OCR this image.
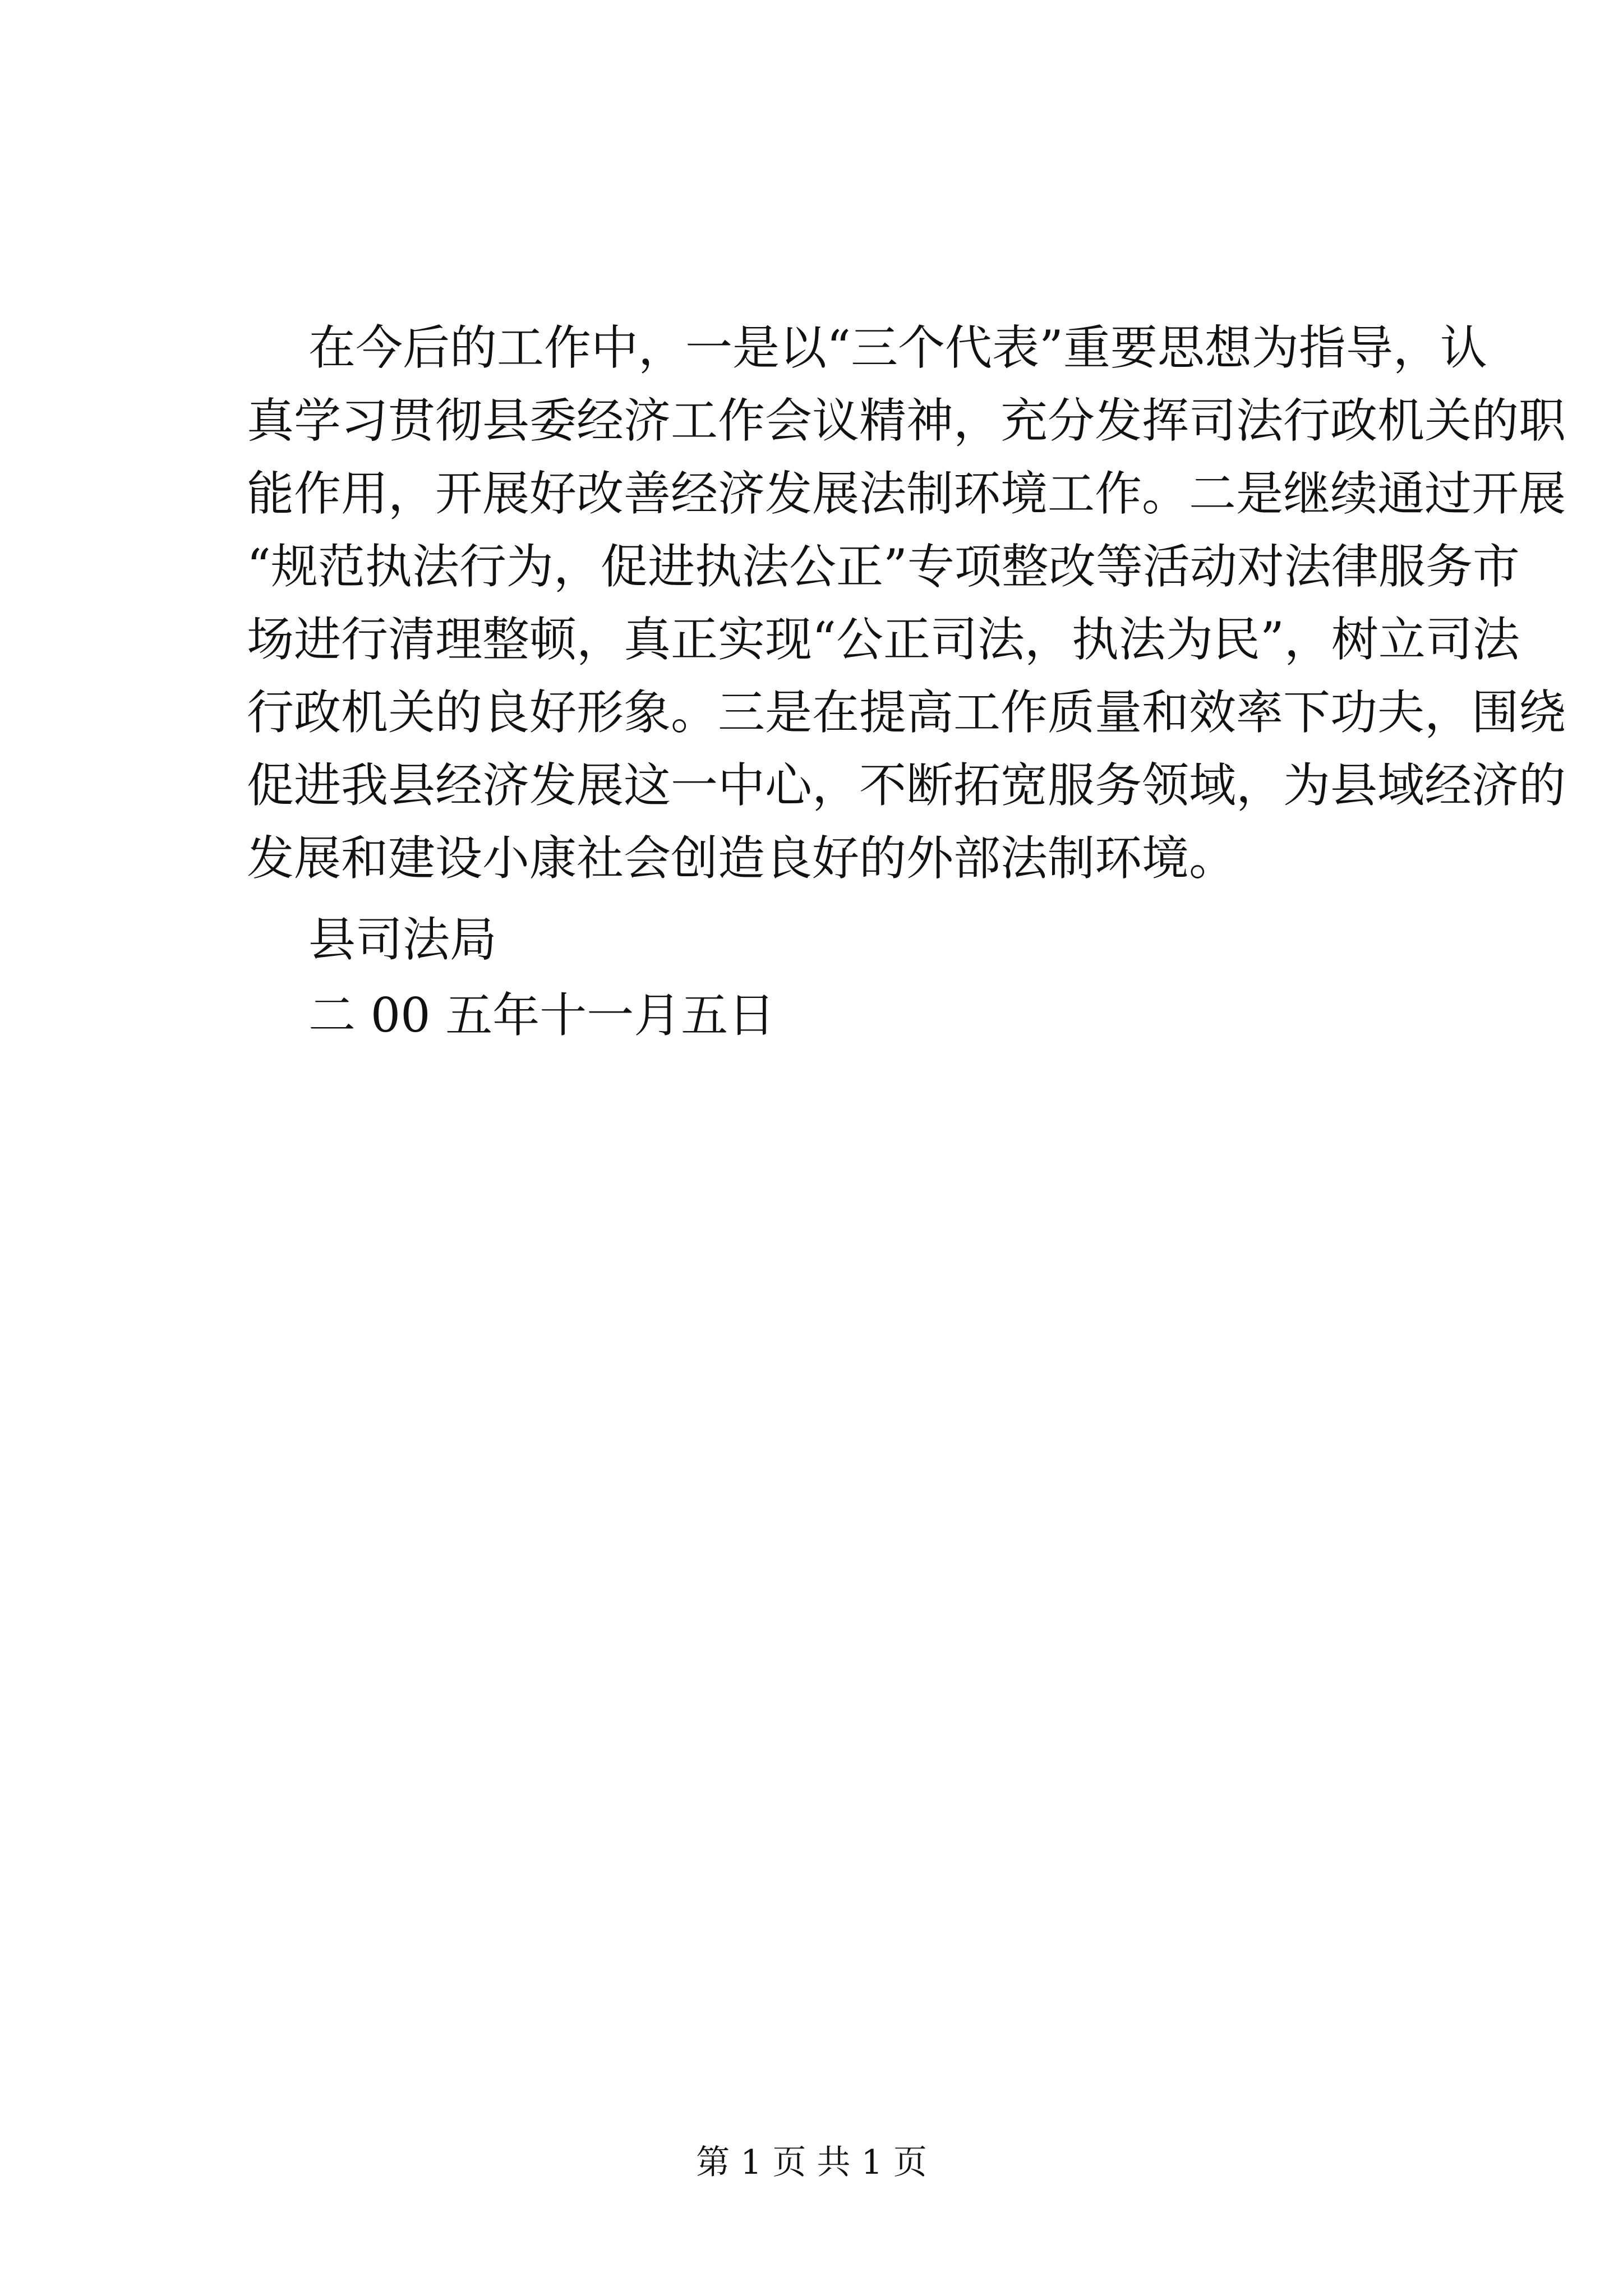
在今后的工作中，一是以“三个代表”重要思想为指导，认
真学习贯彻县委经济工作会议精神，充分发挥司法行政机关的职
能作用，开展好改善经济发展法制环境工作。二是继续通过开展
“规范执法行为，促进执法公正”专项整改等活动对法律服务市
场进行清理整顿，真正实现“公正司法，执法为民”，树立司法
行政机关的良好形象。三是在提高工作质量和效率下功夫，围绕
促进我县经济发展这一中心，不断拓宽服务领域，为县域经济的
发展和建设小康社会创造良好的外部法制环境。
县司法局
二 00 五年十一月五日
第 1 页 共 1 页
